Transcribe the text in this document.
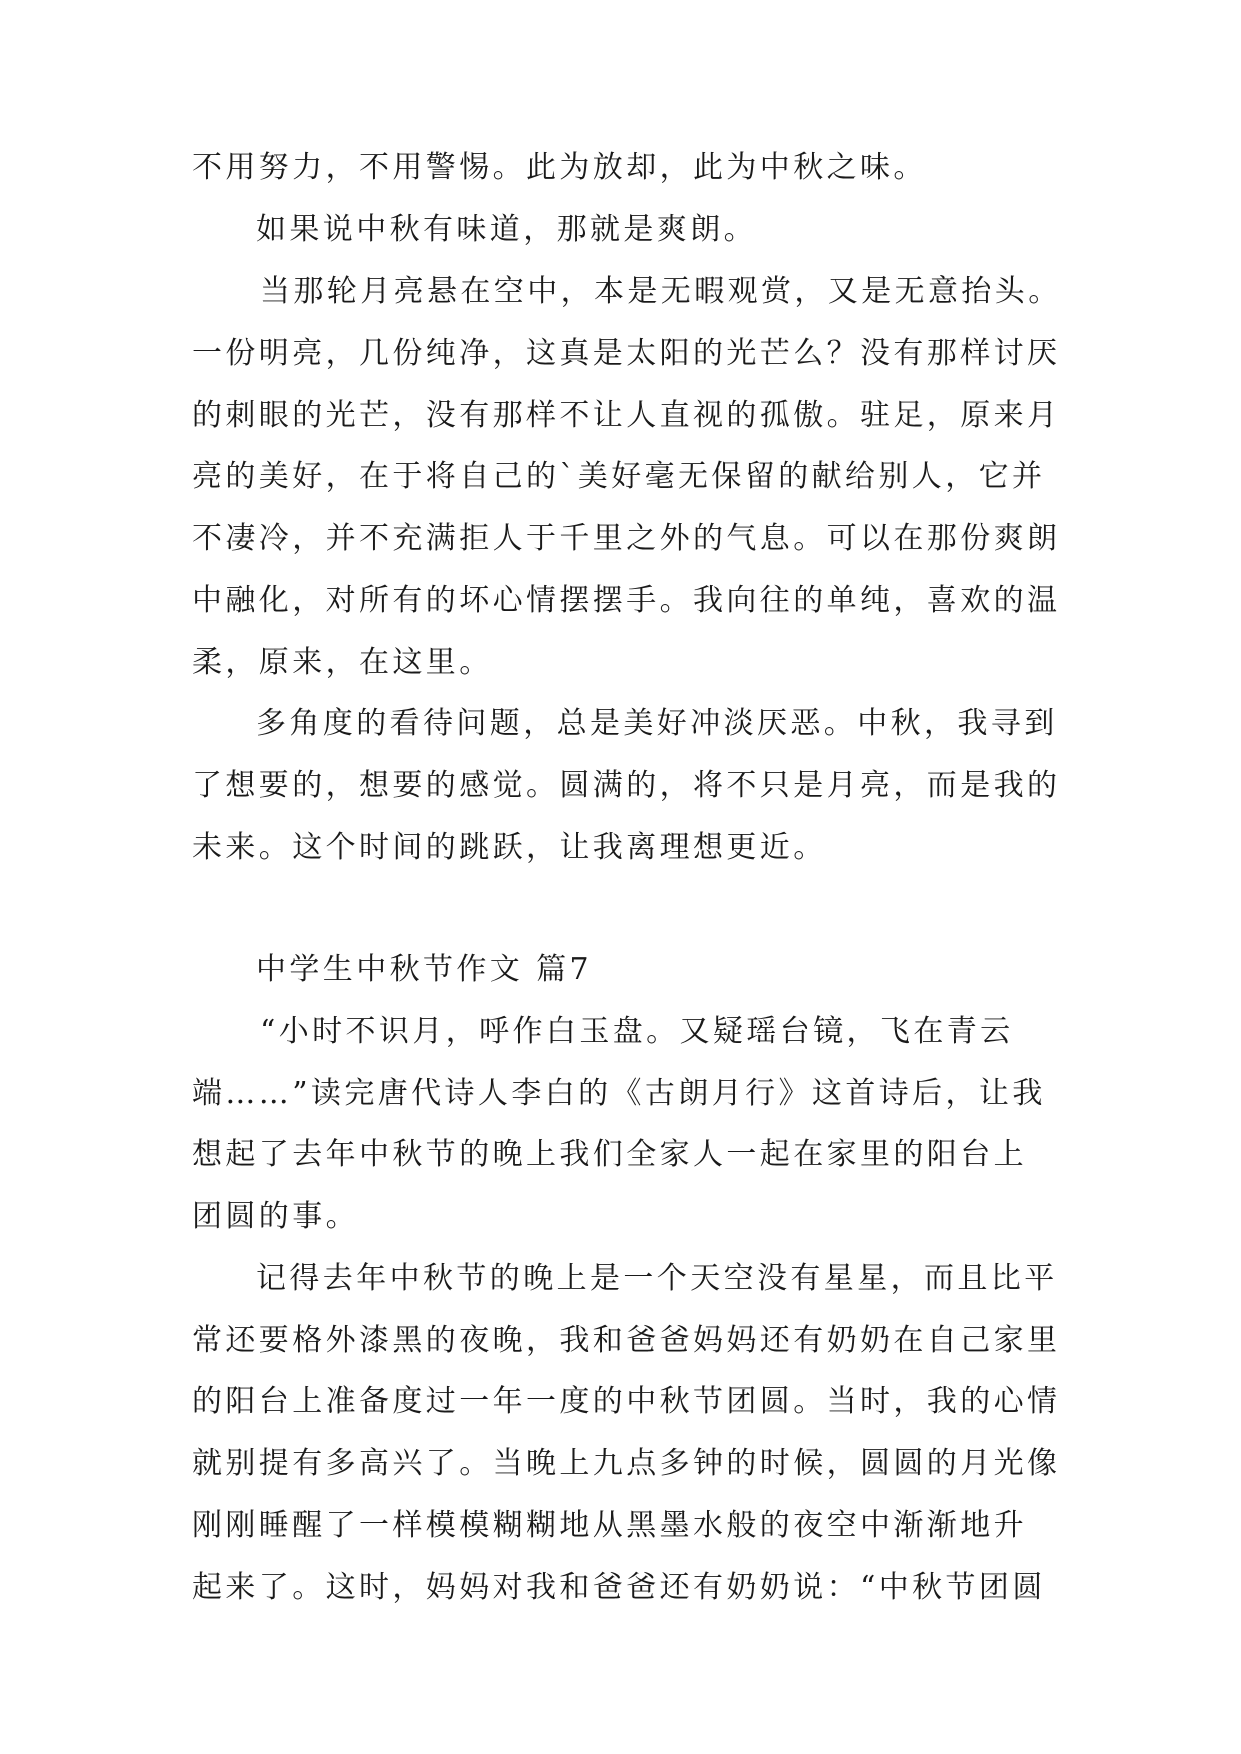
不用努力，不用警惕。此为放却，此为中秋之味。
如果说中秋有味道，那就是爽朗。
当那轮月亮悬在空中，本是无暇观赏，又是无意抬头。
一份明亮，几份纯净，这真是太阳的光芒么？没有那样讨厌
的刺眼的光芒，没有那样不让人直视的孤傲。驻足，原来月
亮的美好，在于将自己的`美好毫无保留的献给别人，它并
不凄冷，并不充满拒人于千里之外的气息。可以在那份爽朗
中融化，对所有的坏心情摆摆手。我向往的单纯，喜欢的温
柔，原来，在这里。
多角度的看待问题，总是美好冲淡厌恶。中秋，我寻到
了想要的，想要的感觉。圆满的，将不只是月亮，而是我的
未来。这个时间的跳跃，让我离理想更近。
中学生中秋节作文 篇7
“小时不识月，呼作白玉盘。又疑瑶台镜，飞在青云
端……”读完唐代诗人李白的《古朗月行》这首诗后，让我
想起了去年中秋节的晚上我们全家人一起在家里的阳台上
团圆的事。
记得去年中秋节的晚上是一个天空没有星星，而且比平
常还要格外漆黑的夜晚，我和爸爸妈妈还有奶奶在自己家里
的阳台上准备度过一年一度的中秋节团圆。当时，我的心情
就别提有多高兴了。当晚上九点多钟的时候，圆圆的月光像
刚刚睡醒了一样模模糊糊地从黑墨水般的夜空中渐渐地升
起来了。这时，妈妈对我和爸爸还有奶奶说：“中秋节团圆
